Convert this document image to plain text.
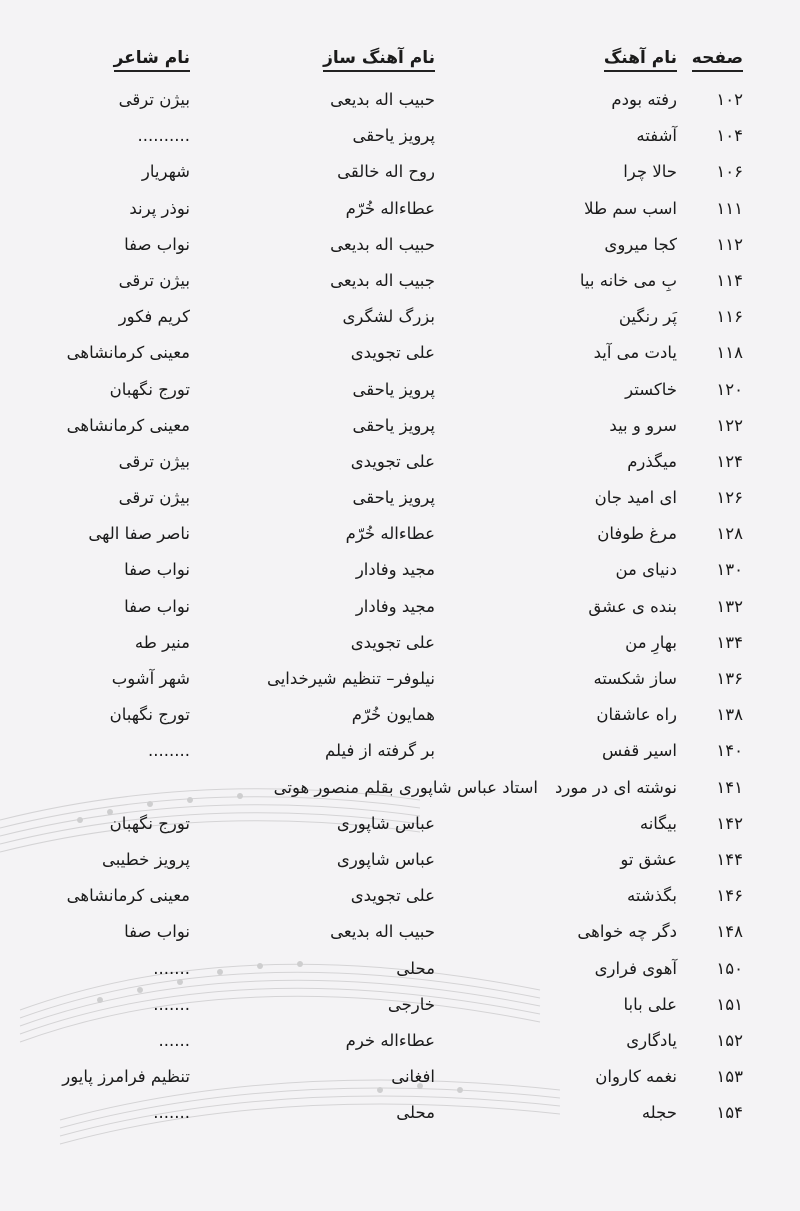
صفحه
نام آهنگ
نام آهنگ ساز
نام شاعر
۱۰۲
رفته بودم
حبیب اله بدیعی
بیژن ترقی
۱۰۴
آشفته
پرویز یاحقی
..........
۱۰۶
حالا چرا
روح اله خالقی
شهریار
۱۱۱
اسب سم طلا
عطاءاله خُرّم
نوذر پرند
۱۱۲
کجا میروی
حبیب اله بدیعی
نواب صفا
۱۱۴
بِ می خانه بیا
جبیب اله بدیعی
بیژن ترقی
۱۱۶
پَر رنگین
بزرگ لشگری
کریم فکور
۱۱۸
یادت می آید
علی تجویدی
معینی کرمانشاهی
۱۲۰
خاکستر
پرویز یاحقی
تورج نگهبان
۱۲۲
سرو و بید
پرویز یاحقی
معینی کرمانشاهی
۱۲۴
میگذرم
علی تجویدی
بیژن ترقی
۱۲۶
ای امید جان
پرویز یاحقی
بیژن ترقی
۱۲۸
مرغ طوفان
عطاءاله خُرّم
ناصر صفا الهی
۱۳۰
دنیای من
مجید وفادار
نواب صفا
۱۳۲
بنده ی عشق
مجید وفادار
نواب صفا
۱۳۴
بهارِ من
علی تجویدی
منیر طه
۱۳۶
ساز شکسته
نیلوفر– تنظیم شیرخدایی
شهر آشوب
۱۳۸
راه عاشقان
همایون خُرّم
تورج نگهبان
۱۴۰
اسیر قفس
بر گرفته از فیلم
........
۱۴۱
نوشته ای در مورد
استاد عباس شاپوری بقلم منصور هوتی
۱۴۲
بیگانه
عباس شاپوری
تورج نگهبان
۱۴۴
عشق تو
عباس شاپوری
پرویز خطیبی
۱۴۶
بگذشته
علی تجویدی
معینی کرمانشاهی
۱۴۸
دگر چه خواهی
حبیب اله بدیعی
نواب صفا
۱۵۰
آهوی فراری
محلی
.......
۱۵۱
علی بابا
خارجی
.......
۱۵۲
یادگاری
عطاءاله خرم
......
۱۵۳
نغمه کاروان
افغانی
تنظیم فرامرز پایور
۱۵۴
حجله
محلی
.......
